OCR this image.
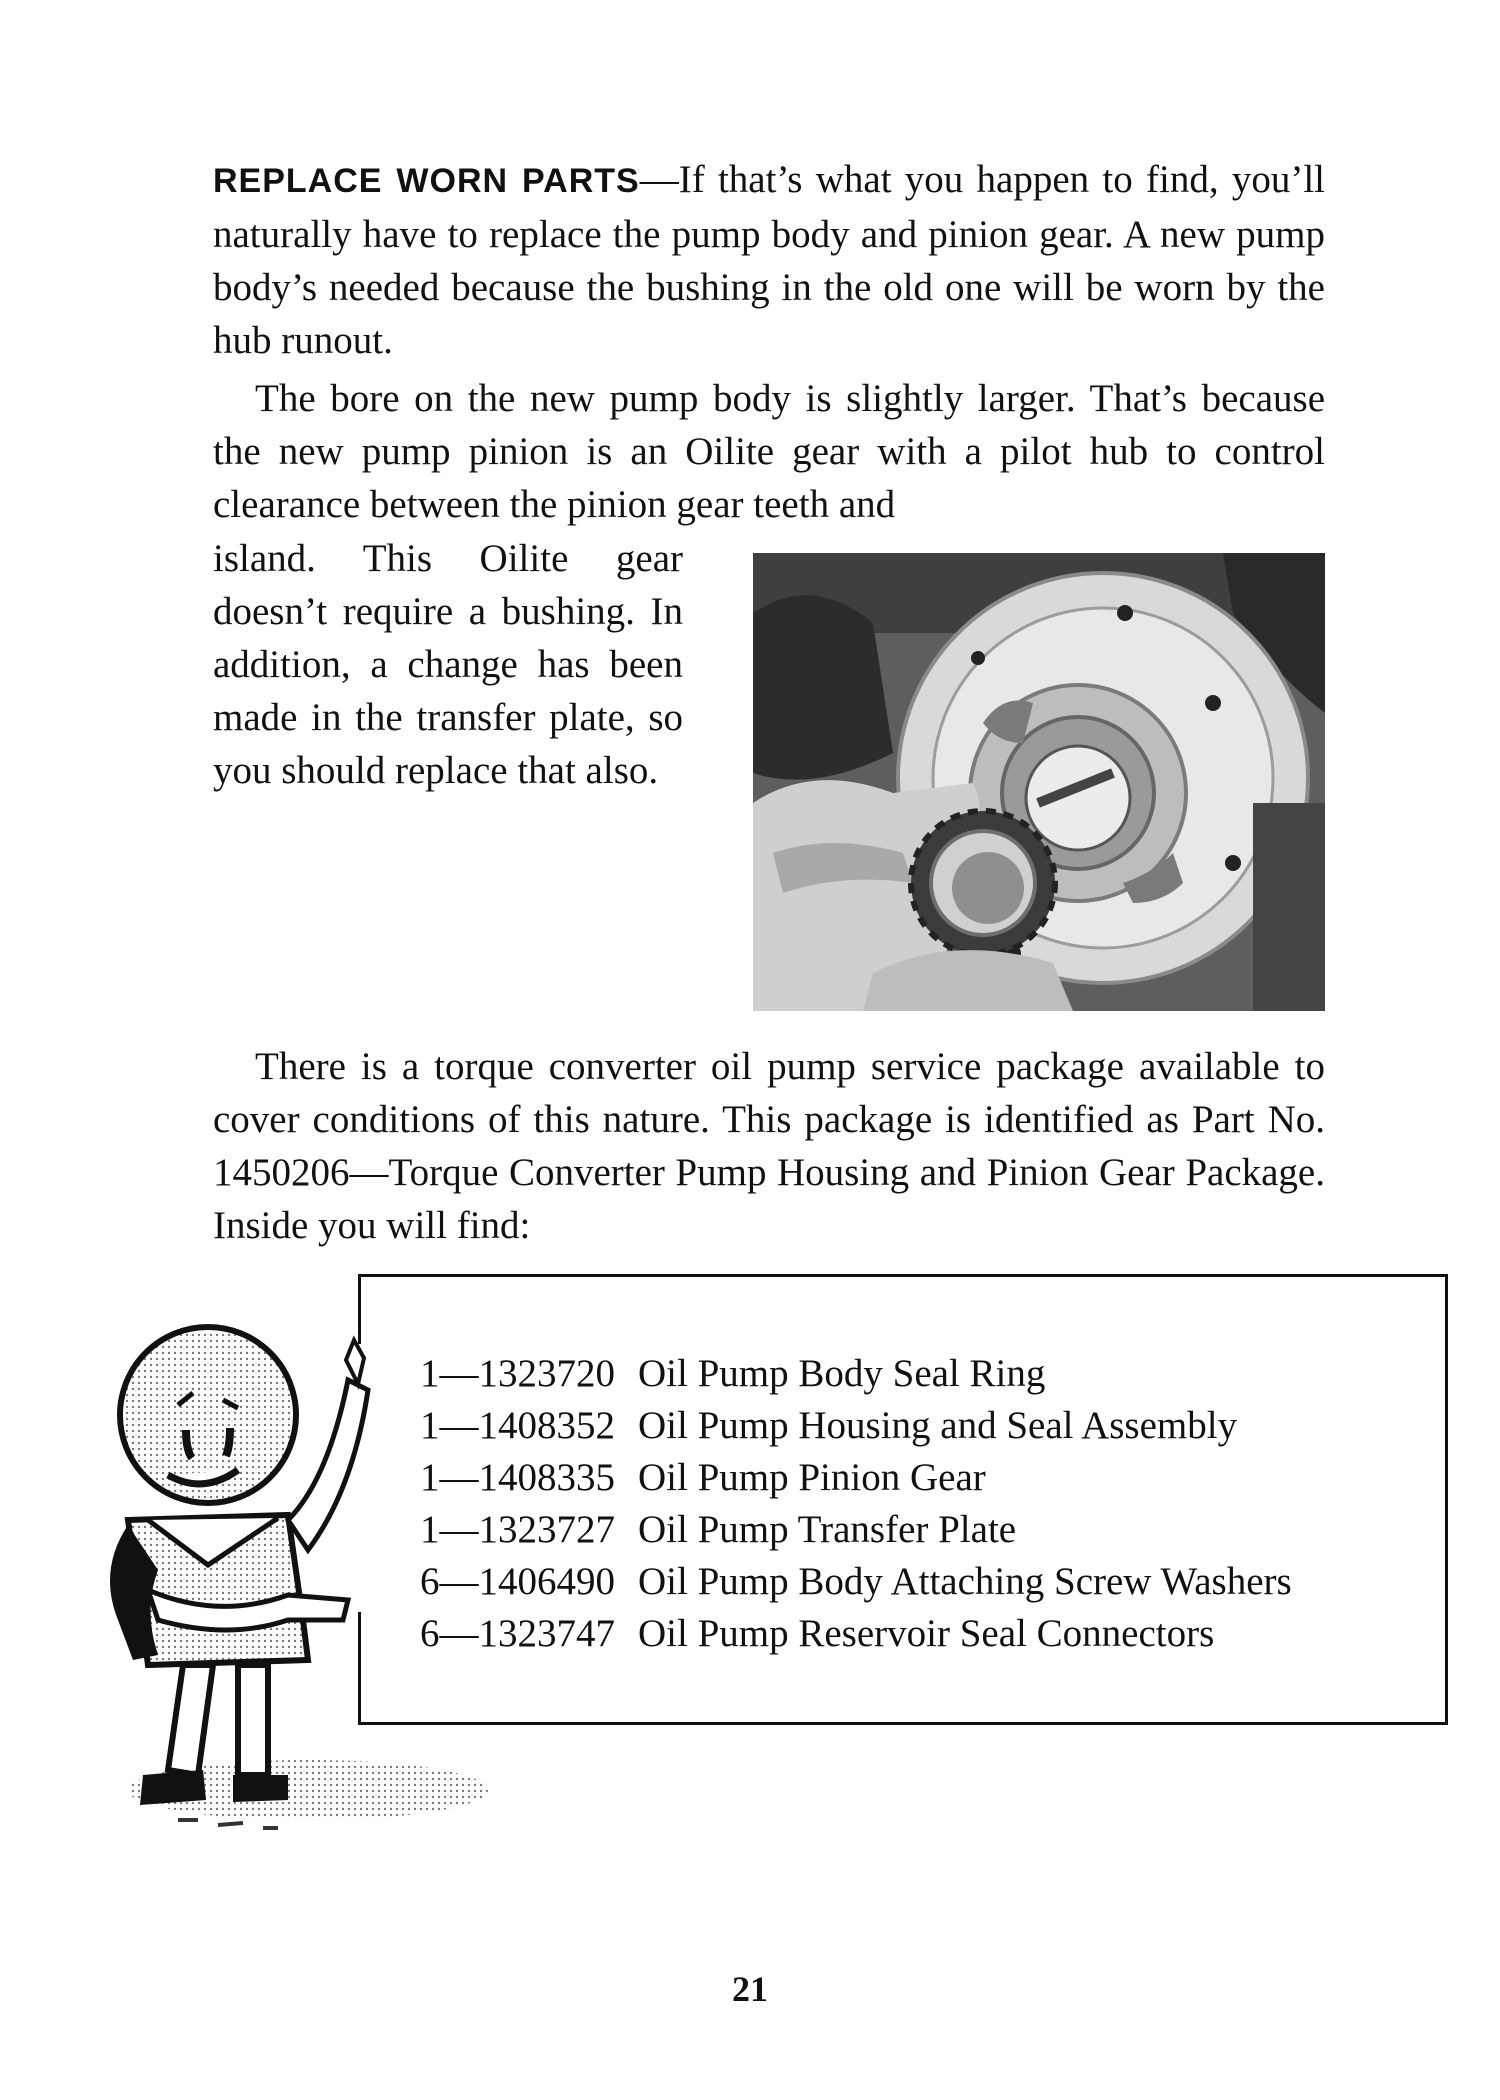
REPLACE WORN PARTS—If that’s what you happen to find, you’ll naturally have to replace the pump body and pinion gear. A new pump body’s needed because the bushing in the old one will be worn by the hub runout.
The bore on the new pump body is slightly larger. That’s because the new pump pinion is an Oilite gear with a pilot hub to control clearance between the pinion gear teeth and
island. This Oilite gear doesn’t require a bushing. In addition, a change has been made in the transfer plate, so you should replace that also.
There is a torque converter oil pump service package available to cover conditions of this nature. This package is identified as Part No. 1450206—Torque Converter Pump Housing and Pinion Gear Package. Inside you will find:
1—1323720 Oil Pump Body Seal Ring
1—1408352 Oil Pump Housing and Seal Assembly
1—1408335 Oil Pump Pinion Gear
1—1323727 Oil Pump Transfer Plate
6—1406490 Oil Pump Body Attaching Screw Washers
6—1323747 Oil Pump Reservoir Seal Connectors
21
